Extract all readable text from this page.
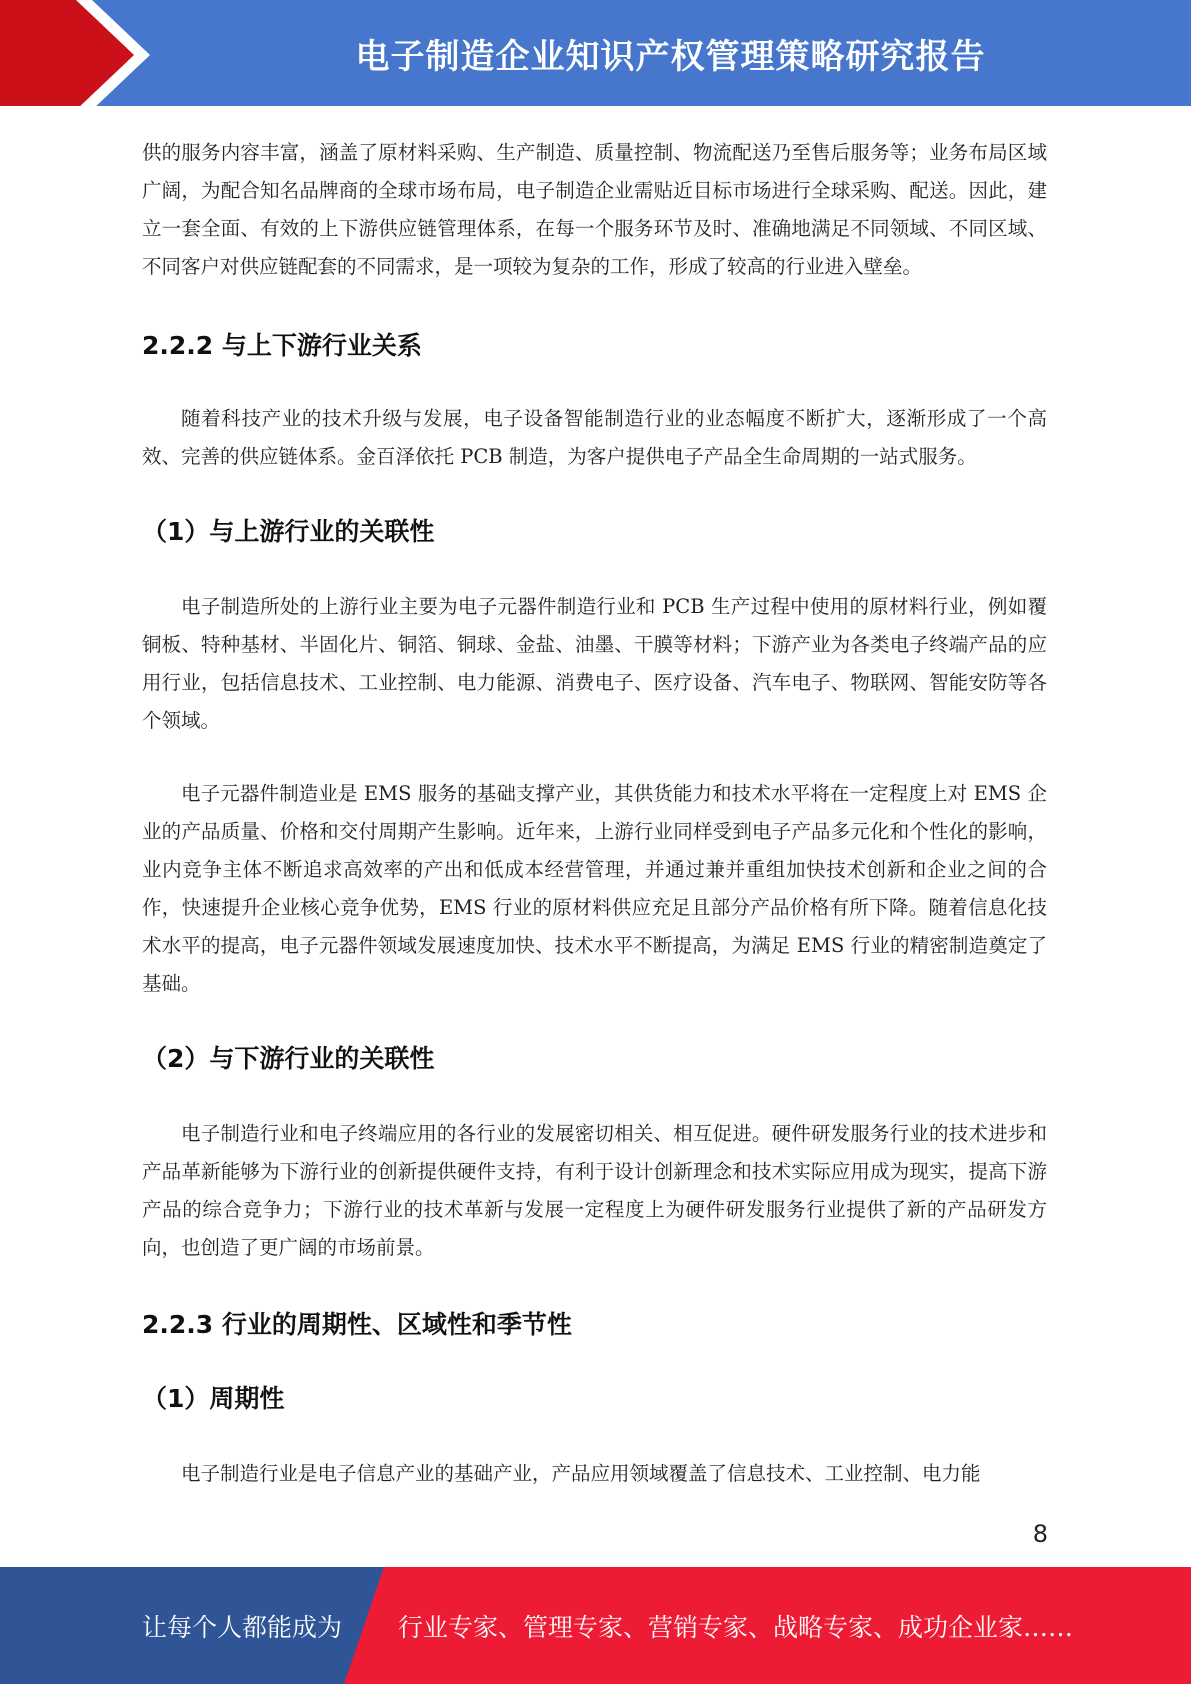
电子制造企业知识产权管理策略研究报告

供的服务内容丰富，涵盖了原材料采购、生产制造、质量控制、物流配送乃至售后服务等；业务布局区域广阔，为配合知名品牌商的全球市场布局，电子制造企业需贴近目标市场进行全球采购、配送。因此，建立一套全面、有效的上下游供应链管理体系，在每一个服务环节及时、准确地满足不同领域、不同区域、不同客户对供应链配套的不同需求，是一项较为复杂的工作，形成了较高的行业进入壁垒。

2.2.2 与上下游行业关系

随着科技产业的技术升级与发展，电子设备智能制造行业的业态幅度不断扩大，逐渐形成了一个高效、完善的供应链体系。金百泽依托 PCB 制造，为客户提供电子产品全生命周期的一站式服务。

（1）与上游行业的关联性

电子制造所处的上游行业主要为电子元器件制造行业和 PCB 生产过程中使用的原材料行业，例如覆铜板、特种基材、半固化片、铜箔、铜球、金盐、油墨、干膜等材料；下游产业为各类电子终端产品的应用行业，包括信息技术、工业控制、电力能源、消费电子、医疗设备、汽车电子、物联网、智能安防等各个领域。

电子元器件制造业是 EMS 服务的基础支撑产业，其供货能力和技术水平将在一定程度上对 EMS 企业的产品质量、价格和交付周期产生影响。近年来，上游行业同样受到电子产品多元化和个性化的影响，业内竞争主体不断追求高效率的产出和低成本经营管理，并通过兼并重组加快技术创新和企业之间的合作，快速提升企业核心竞争优势，EMS 行业的原材料供应充足且部分产品价格有所下降。随着信息化技术水平的提高，电子元器件领域发展速度加快、技术水平不断提高，为满足 EMS 行业的精密制造奠定了基础。

（2）与下游行业的关联性

电子制造行业和电子终端应用的各行业的发展密切相关、相互促进。硬件研发服务行业的技术进步和产品革新能够为下游行业的创新提供硬件支持，有利于设计创新理念和技术实际应用成为现实，提高下游产品的综合竞争力；下游行业的技术革新与发展一定程度上为硬件研发服务行业提供了新的产品研发方向，也创造了更广阔的市场前景。

2.2.3 行业的周期性、区域性和季节性
（1）周期性

电子制造行业是电子信息产业的基础产业，产品应用领域覆盖了信息技术、工业控制、电力能

8
让每个人都能成为 行业专家、管理专家、营销专家、战略专家、成功企业家……
